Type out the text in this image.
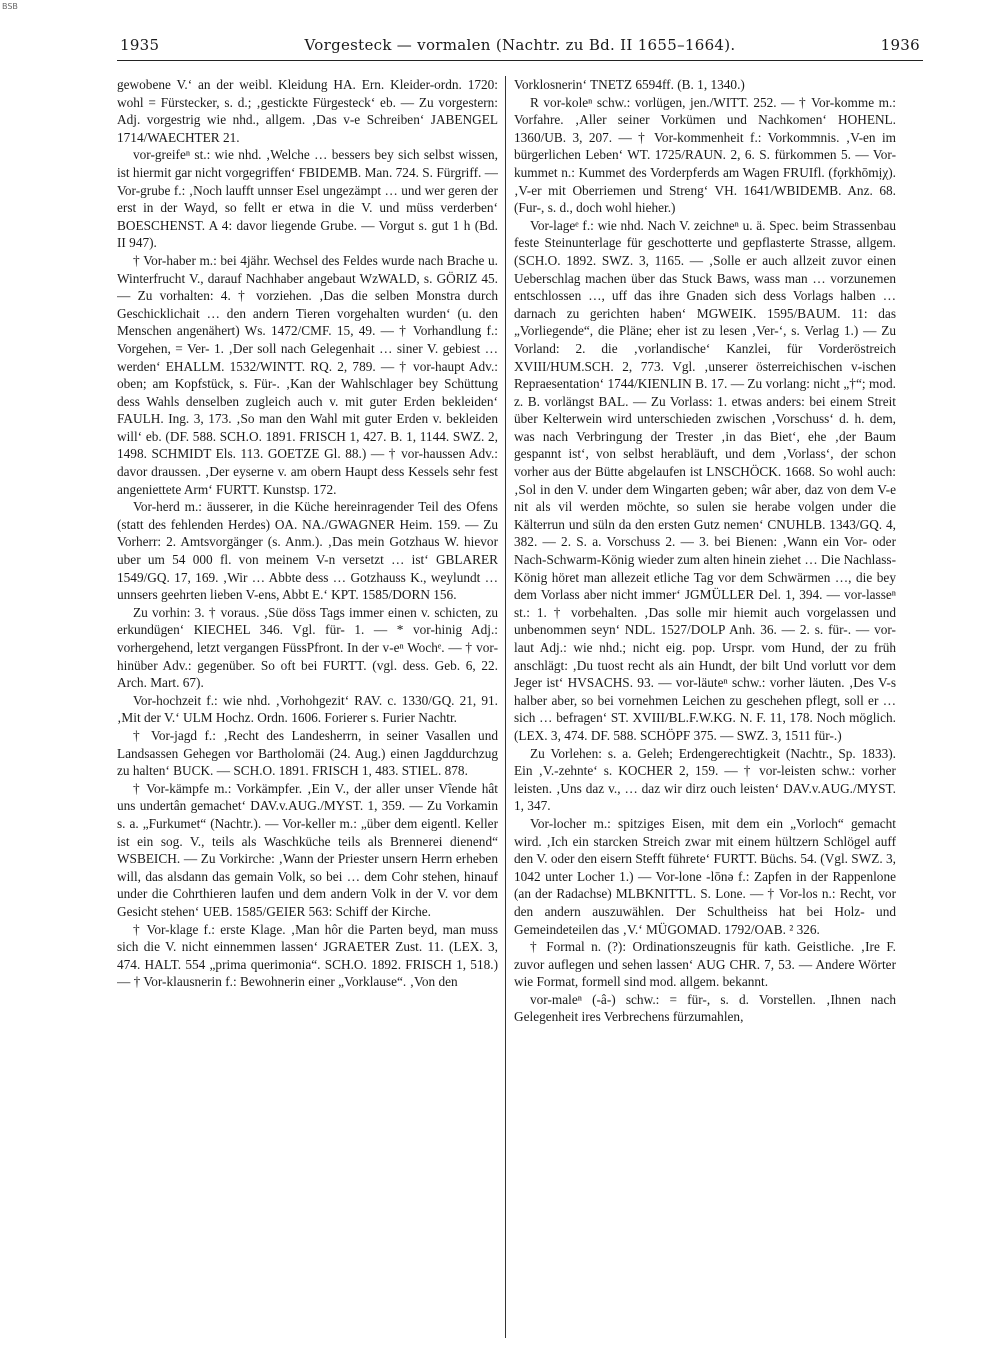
BSB
1935	Vorgesteck — vormalen (Nachtr. zu Bd. II 1655–1664).	1936

gewobene V.‘ an der weibl. Kleidung HA. Ern. Kleider-ordn. 1720: wohl = Fürstecker, s. d.; ‚gestickte Fürgesteck‘ eb. — Zu vorgestern: Adj. vorgestrig wie nhd., allgem. ‚Das v-e Schreiben‘ JABENGEL 1714/WAECHTER 21.

vor-greifeⁿ st.: wie nhd. ‚Welche … bessers bey sich selbst wissen, ist hiermit gar nicht vorgegriffen‘ FBIDEMB. Man. 724. S. Fürgriff. — Vor-grube f.: ‚Noch laufft unnser Esel ungezämpt … und wer geren der erst in der Wayd, so fellt er etwa in die V. und müss verderben‘ BOESCHENST. A 4: davor liegende Grube. — Vorgut s. gut 1 h (Bd. II 947).

† Vor-haber m.: bei 4jähr. Wechsel des Feldes wurde nach Brache u. Winterfrucht V., darauf Nachhaber angebaut WzWALD, s. GÖRIZ 45. — Zu vorhalten: 4. † vorziehen. ‚Das die selben Monstra durch Geschicklichait … den andern Tieren vorgehalten wurden‘ (u. den Menschen angenähert) Ws. 1472/CMF. 15, 49. — † Vorhandlung f.: Vorgehen, = Ver- 1. ‚Der soll nach Gelegenhait … siner V. gebiest … werden‘ EHALLM. 1532/WINTT. RQ. 2, 789. — † vor-haupt Adv.: oben; am Kopfstück, s. Für-. ‚Kan der Wahlschlager bey Schüttung dess Wahls denselben zugleich auch v. mit guter Erden bekleiden‘ FAULH. Ing. 3, 173. ‚So man den Wahl mit guter Erden v. bekleiden will‘ eb. (DF. 588. SCH.O. 1891. FRISCH 1, 427. B. 1, 1144. SWZ. 2, 1498. SCHMIDT Els. 113. GOETZE Gl. 88.) — † vor-haussen Adv.: davor draussen. ‚Der eyserne v. am obern Haupt dess Kessels sehr fest angeniettete Arm‘ FURTT. Kunstsp. 172.

Vor-herd m.: äusserer, in die Küche hereinragender Teil des Ofens (statt des fehlenden Herdes) OA. NA./GWAGNER Heim. 159. — Zu Vorherr: 2. Amtsvorgänger (s. Anm.). ‚Das mein Gotzhaus W. hievor uber um 54 000 fl. von meinem V-n versetzt … ist‘ GBLARER 1549/GQ. 17, 169. ‚Wir … Abbte dess … Gotzhauss K., weylundt … unnsers geehrten lieben V-ens, Abbt E.‘ KPT. 1585/DORN 156.

Zu vorhin: 3. † voraus. ‚Süe döss Tags immer einen v. schicten, zu erkundügen‘ KIECHEL 346. Vgl. für- 1. — * vor-hinig Adj.: vorhergehend, letzt vergangen FüssPfront. In der v-eⁿ Wochᵉ. — † vor-hinüber Adv.: gegenüber. So oft bei FURTT. (vgl. dess. Geb. 6, 22. Arch. Mart. 67).

Vor-hochzeit f.: wie nhd. ‚Vorhohgezit‘ RAV. c. 1330/GQ. 21, 91. ‚Mit der V.‘ ULM Hochz. Ordn. 1606. Forierer s. Furier Nachtr.

† Vor-jagd f.: ‚Recht des Landesherrn, in seiner Vasallen und Landsassen Gehegen vor Bartholomäi (24. Aug.) einen Jagddurchzug zu halten‘ BUCK. — SCH.O. 1891. FRISCH 1, 483. STIEL. 878.

† Vor-kämpfe m.: Vorkämpfer. ‚Ein V., der aller unser Vîende hât uns undertân gemachet‘ DAV.v.AUG./MYST. 1, 359. — Zu Vorkamin s. a. „Furkumet“ (Nachtr.). — Vor-keller m.: „über dem eigentl. Keller ist ein sog. V., teils als Waschküche teils als Brennerei dienend“ WSBEICH. — Zu Vorkirche: ‚Wann der Priester unsern Herrn erheben will, das alsdann das gemain Volk, so bei … dem Cohr stehen, hinauf under die Cohrthieren laufen und dem andern Volk in der V. vor dem Gesicht stehen‘ UEB. 1585/GEIER 563: Schiff der Kirche.

† Vor-klage f.: erste Klage. ‚Man hôr die Parten beyd, man muss sich die V. nicht einnemmen lassen‘ JGRAETER Zust. 11. (LEX. 3, 474. HALT. 554 „prima querimonia“. SCH.O. 1892. FRISCH 1, 518.) — † Vor-klausnerin f.: Bewohnerin einer „Vorklause“. ‚Von den

Vorklosnerin‘ TNETZ 6594ff. (B. 1, 1340.)

R vor-koleⁿ schw.: vorlügen, jen./WITT. 252. — † Vor-komme m.: Vorfahre. ‚Aller seiner Vorkümen und Nachkomen‘ HOHENL. 1360/UB. 3, 207. — † Vor-kommenheit f.: Vorkommnis. ‚V-en im bürgerlichen Leben‘ WT. 1725/RAUN. 2, 6. S. fürkommen 5. — Vor-kummet n.: Kummet des Vorderpferds am Wagen FRUIfl. (fọrkhōmịχ). ‚V-er mit Oberriemen und Streng‘ VH. 1641/WBIDEMB. Anz. 68. (Fur-, s. d., doch wohl hieher.)

Vor-lageᵉ f.: wie nhd. Nach V. zeichneⁿ u. ä. Spec. beim Strassenbau feste Steinunterlage für geschotterte und gepflasterte Strasse, allgem. (SCH.O. 1892. SWZ. 3, 1165. — ‚Solle er auch allzeit zuvor einen Ueberschlag machen über das Stuck Baws, wass man … vorzunemen entschlossen …, uff das ihre Gnaden sich dess Vorlags halben … darnach zu gerichten haben‘ MGWEIK. 1595/BAUM. 11: das „Vorliegende“, die Pläne; eher ist zu lesen ‚Ver-‘, s. Verlag 1.) — Zu Vorland: 2. die ‚vorlandische‘ Kanzlei, für Vorderöstreich XVIII/HUM.SCH. 2, 773. Vgl. ‚unserer österreichischen v-ischen Repraesentation‘ 1744/KIENLIN B. 17. — Zu vorlang: nicht „†“; mod. z. B. vorlängst BAL. — Zu Vorlass: 1. etwas anders: bei einem Streit über Kelterwein wird unterschieden zwischen ‚Vorschuss‘ d. h. dem, was nach Verbringung der Trester ‚in das Biet‘, ehe ‚der Baum gespannt ist‘, von selbst herabläuft, und dem ‚Vorlass‘, der schon vorher aus der Bütte abgelaufen ist LNSCHÖCK. 1668. So wohl auch: ‚Sol in den V. under dem Wingarten geben; wâr aber, daz von dem V-e nit als vil werden möchte, so sulen sie herabe volgen under die Kälterrun und süln da den ersten Gutz nemen‘ CNUHLB. 1343/GQ. 4, 382. — 2. S. a. Vorschuss 2. — 3. bei Bienen: ‚Wann ein Vor- oder Nach-Schwarm-König wieder zum alten hinein ziehet … Die Nachlass-König höret man allezeit etliche Tag vor dem Schwärmen …, die bey dem Vorlass aber nicht immer‘ JGMÜLLER Del. 1, 394. — vor-lasseⁿ st.: 1. † vorbehalten. ‚Das solle mir hiemit auch vorgelassen und unbenommen seyn‘ NDL. 1527/DOLP Anh. 36. — 2. s. für-. — vor-laut Adj.: wie nhd.; nicht eig. pop. Urspr. vom Hund, der zu früh anschlägt: ‚Du tuost recht als ain Hundt, der bilt Und vorlutt vor dem Jeger ist‘ HVSACHS. 93. — vor-läuteⁿ schw.: vorher läuten. ‚Des V-s halber aber, so bei vornehmen Leichen zu geschehen pflegt, soll er … sich … befragen‘ ST. XVIII/BL.F.W.KG. N. F. 11, 178. Noch möglich. (LEX. 3, 474. DF. 588. SCHÖPF 375. — SWZ. 3, 1511 für-.)

Zu Vorlehen: s. a. Geleh; Erdengerechtigkeit (Nachtr., Sp. 1833). Ein ‚V.-zehnte‘ s. KOCHER 2, 159. — † vor-leisten schw.: vorher leisten. ‚Uns daz v., … daz wir dirz ouch leisten‘ DAV.v.AUG./MYST. 1, 347.

Vor-locher m.: spitziges Eisen, mit dem ein „Vorloch“ gemacht wird. ‚Ich ein starcken Streich zwar mit einem hültzern Schlögel auff den V. oder den eisern Stefft führete‘ FURTT. Büchs. 54. (Vgl. SWZ. 3, 1042 unter Locher 1.) — Vor-lone -lōnə f.: Zapfen in der Rappenlone (an der Radachse) MLBKNITTL. S. Lone. — † Vor-los n.: Recht, vor den andern auszuwählen. Der Schultheiss hat bei Holz- und Gemeindeteilen das ‚V.‘ MÜGOMAD. 1792/OAB. ² 326.

† Formal n. (?): Ordinationszeugnis für kath. Geistliche. ‚Ire F. zuvor auflegen und sehen lassen‘ AUG CHR. 7, 53. — Andere Wörter wie Format, formell sind mod. allgem. bekannt.

vor-maleⁿ (-â-) schw.: = für-, s. d. Vorstellen. ‚Ihnen nach Gelegenheit ires Verbrechens fürzumahlen,
